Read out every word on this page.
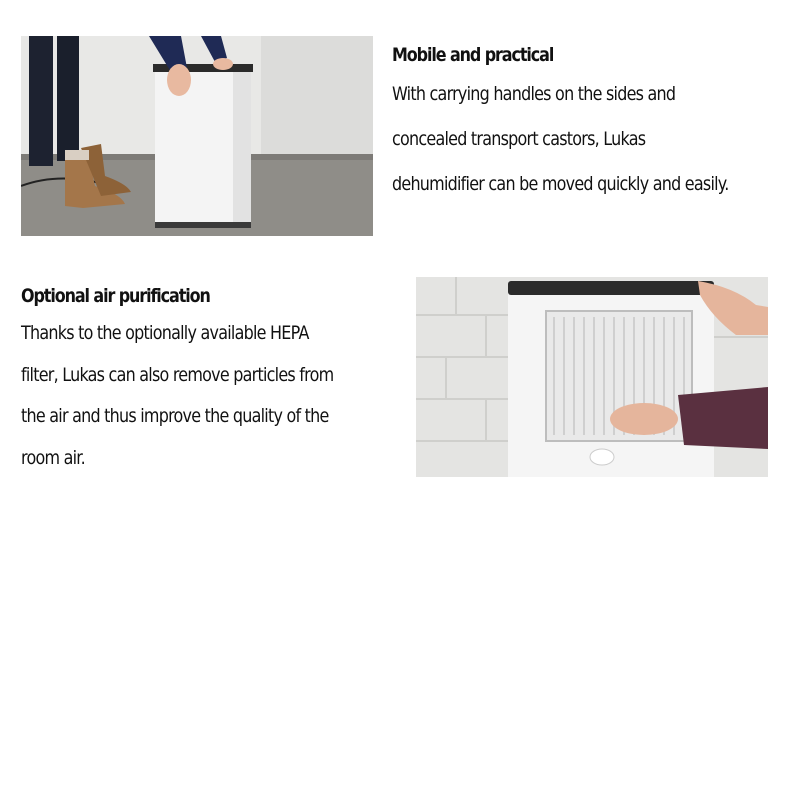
Mobile and practical

With carrying handles on the sides and
concealed transport castors, Lukas
dehumidifier can be moved quickly and easily.

Optional air purification

Thanks to the optionally available HEPA
filter, Lukas can also remove particles from
the air and thus improve the quality of the
room air.
